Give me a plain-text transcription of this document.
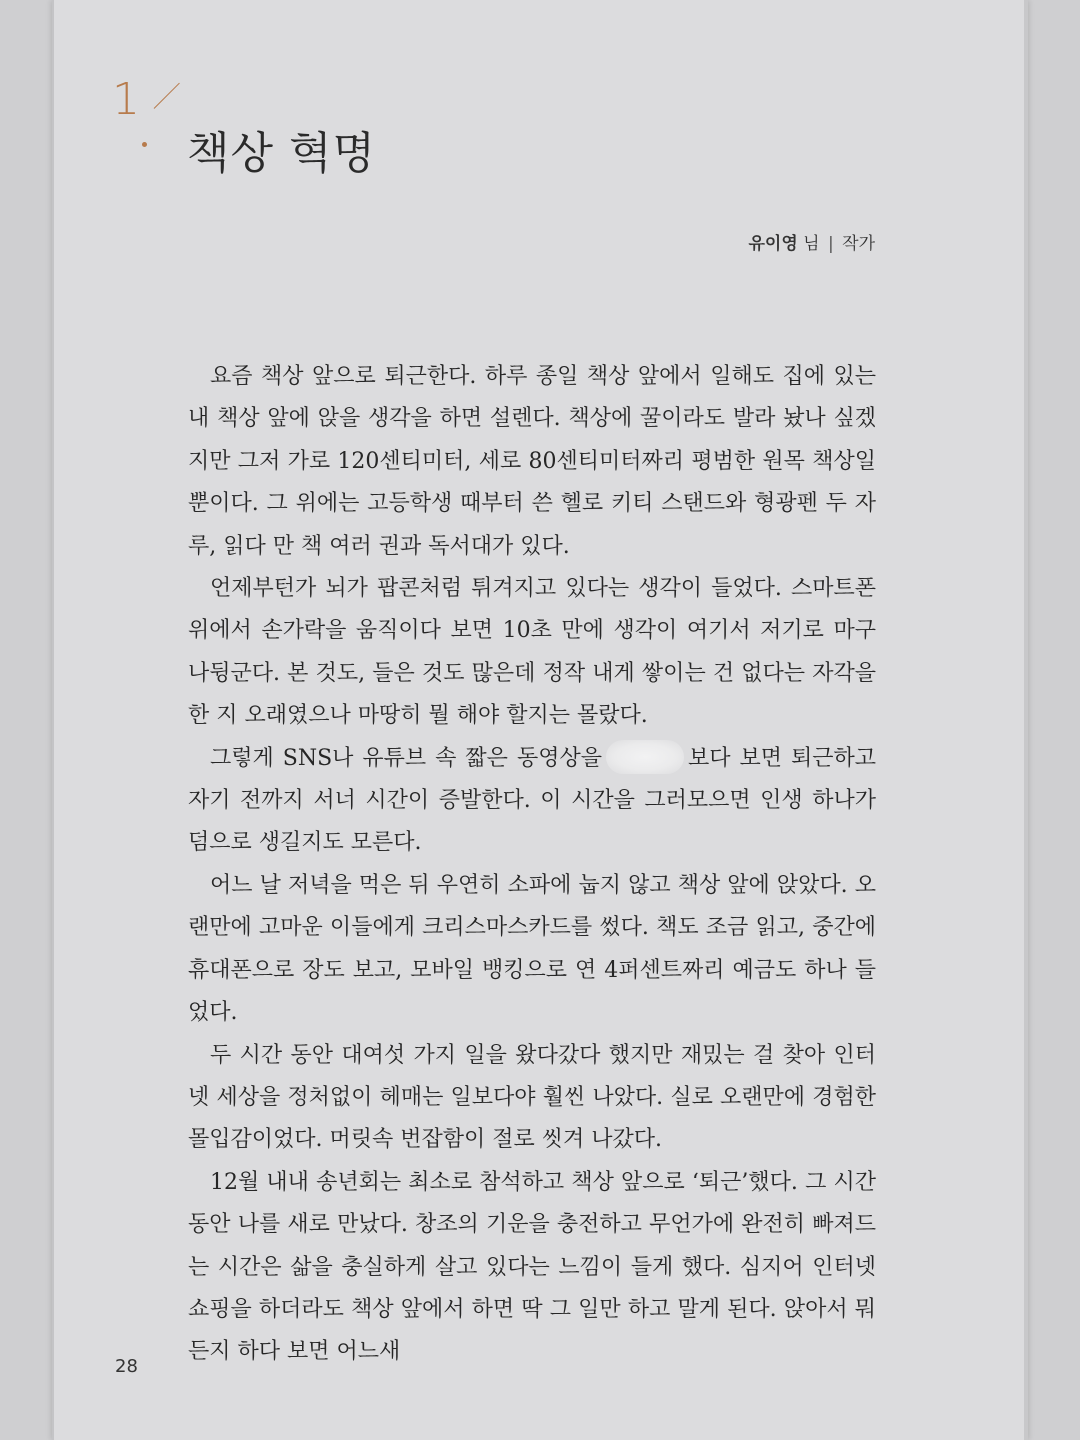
1
책상 혁명
유이영 님 | 작가

요즘 책상 앞으로 퇴근한다. 하루 종일 책상 앞에서 일해도 집에 있는 내 책상 앞에 앉을 생각을 하면 설렌다. 책상에 꿀이라도 발라 놨나 싶겠지만 그저 가로 120센티미터, 세로 80센티미터짜리 평범한 원목 책상일 뿐이다. 그 위에는 고등학생 때부터 쓴 헬로 키티 스탠드와 형광펜 두 자루, 읽다 만 책 여러 권과 독서대가 있다.

언제부턴가 뇌가 팝콘처럼 튀겨지고 있다는 생각이 들었다. 스마트폰 위에서 손가락을 움직이다 보면 10초 만에 생각이 여기서 저기로 마구 나뒹군다. 본 것도, 들은 것도 많은데 정작 내게 쌓이는 건 없다는 자각을 한 지 오래였으나 마땅히 뭘 해야 할지는 몰랐다.

그렇게 SNS나 유튜브 속 짧은 동영상을	보다 보면 퇴근하고 자기 전까지 서너 시간이 증발한다. 이 시간을 그러모으면 인생 하나가 덤으로 생길지도 모른다.

어느 날 저녁을 먹은 뒤 우연히 소파에 눕지 않고 책상 앞에 앉았다. 오랜만에 고마운 이들에게 크리스마스카드를 썼다. 책도 조금 읽고, 중간에 휴대폰으로 장도 보고, 모바일 뱅킹으로 연 4퍼센트짜리 예금도 하나 들었다.

두 시간 동안 대여섯 가지 일을 왔다갔다 했지만 재밌는 걸 찾아 인터넷 세상을 정처없이 헤매는 일보다야 훨씬 나았다. 실로 오랜만에 경험한 몰입감이었다. 머릿속 번잡함이 절로 씻겨 나갔다.

12월 내내 송년회는 최소로 참석하고 책상 앞으로 ‘퇴근’했다. 그 시간 동안 나를 새로 만났다. 창조의 기운을 충전하고 무언가에 완전히 빠져드는 시간은 삶을 충실하게 살고 있다는 느낌이 들게 했다. 심지어 인터넷 쇼핑을 하더라도 책상 앞에서 하면 딱 그 일만 하고 말게 된다. 앉아서 뭐든지 하다 보면 어느새

28
